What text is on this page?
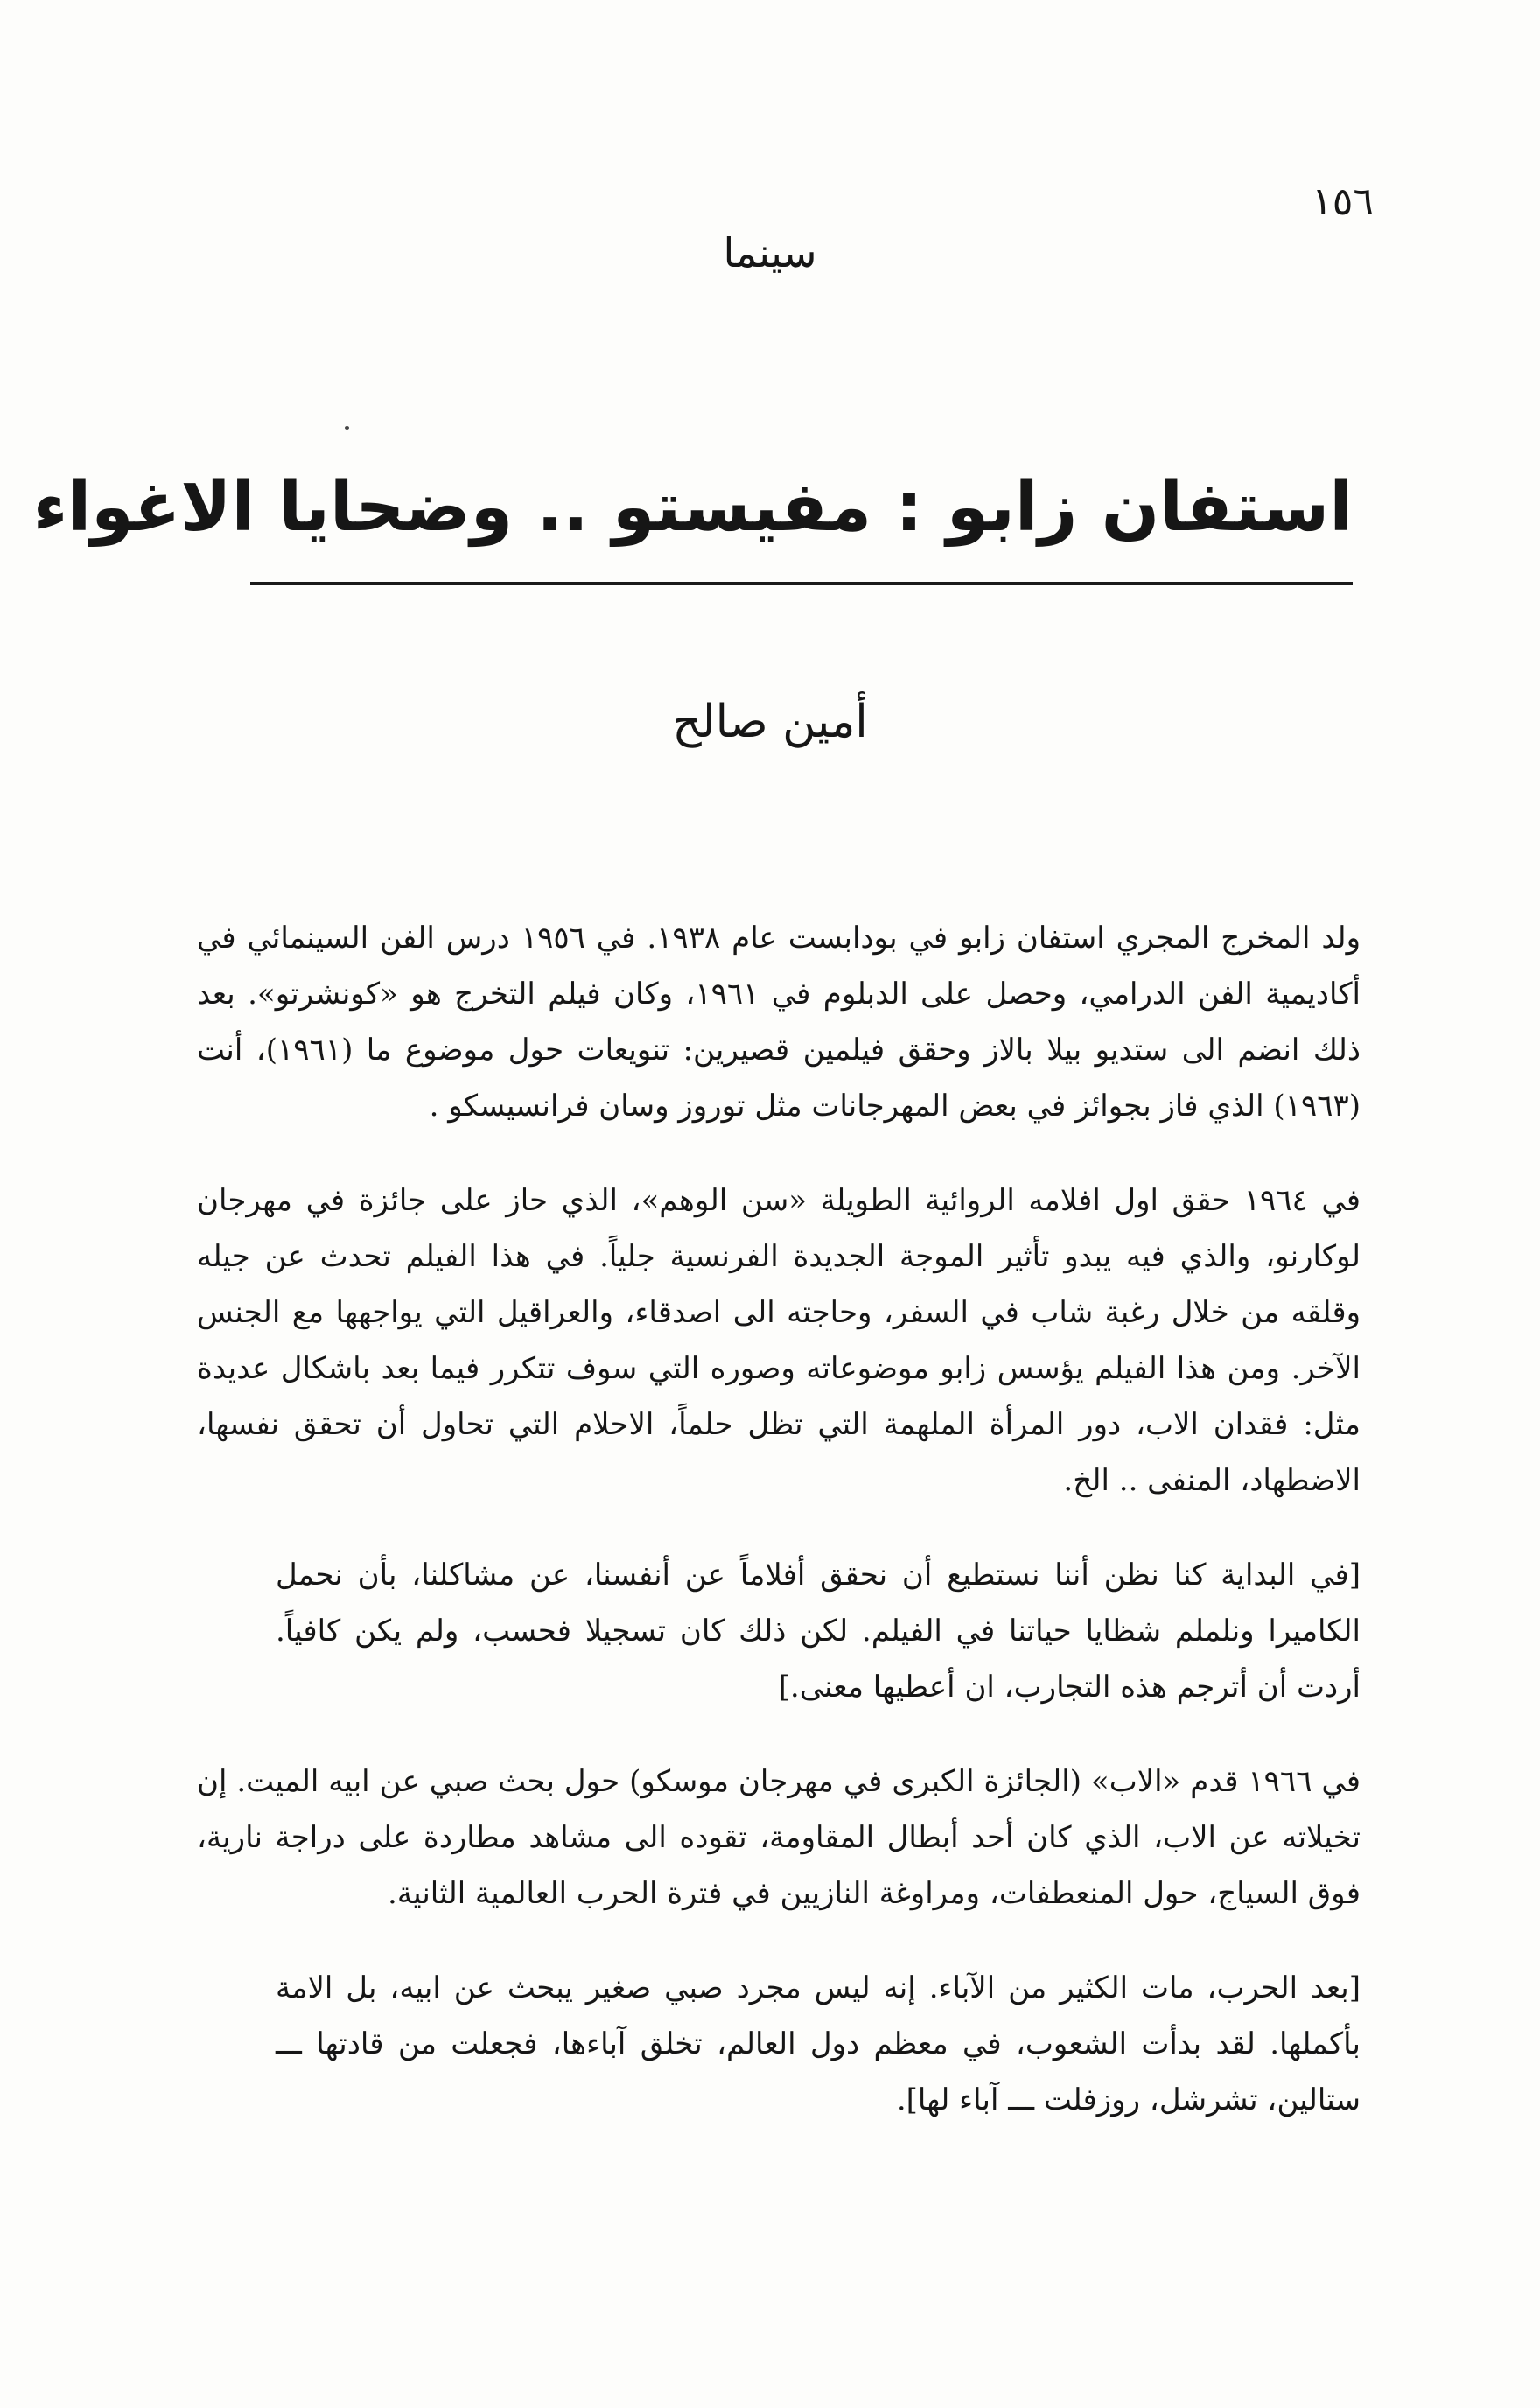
١٥٦
سينما
استفان زابو : مفيستو .. وضحايا الاغواء
أمين صالح

ولد المخرج المجري استفان زابو في بودابست عام ١٩٣٨. في ١٩٥٦ درس الفن السينمائي في أكاديمية الفن الدرامي، وحصل على الدبلوم في ١٩٦١، وكان فيلم التخرج هو «كونشرتو». بعد ذلك انضم الى ستديو بيلا بالاز وحقق فيلمين قصيرين: تنويعات حول موضوع ما (١٩٦١)، أنت (١٩٦٣) الذي فاز بجوائز في بعض المهرجانات مثل توروز وسان فرانسيسكو .

في ١٩٦٤ حقق اول افلامه الروائية الطويلة «سن الوهم»، الذي حاز على جائزة في مهرجان لوكارنو، والذي فيه يبدو تأثير الموجة الجديدة الفرنسية جلياً. في هذا الفيلم تحدث عن جيله وقلقه من خلال رغبة شاب في السفر، وحاجته الى اصدقاء، والعراقيل التي يواجهها مع الجنس الآخر. ومن هذا الفيلم يؤسس زابو موضوعاته وصوره التي سوف تتكرر فيما بعد باشكال عديدة مثل: فقدان الاب، دور المرأة الملهمة التي تظل حلماً، الاحلام التي تحاول أن تحقق نفسها، الاضطهاد، المنفى .. الخ.

[في البداية كنا نظن أننا نستطيع أن نحقق أفلاماً عن أنفسنا، عن مشاكلنا، بأن نحمل الكاميرا ونلملم شظايا حياتنا في الفيلم. لكن ذلك كان تسجيلا فحسب، ولم يكن كافياً. أردت أن أترجم هذه التجارب، ان أعطيها معنى.]

في ١٩٦٦ قدم «الاب» (الجائزة الكبرى في مهرجان موسكو) حول بحث صبي عن ابيه الميت. إن تخيلاته عن الاب، الذي كان أحد أبطال المقاومة، تقوده الى مشاهد مطاردة على دراجة نارية، فوق السياج، حول المنعطفات، ومراوغة النازيين في فترة الحرب العالمية الثانية.

[بعد الحرب، مات الكثير من الآباء. إنه ليس مجرد صبي صغير يبحث عن ابيه، بل الامة بأكملها. لقد بدأت الشعوب، في معظم دول العالم، تخلق آباءها، فجعلت من قادتها ـــ ستالين، تشرشل، روزفلت ـــ آباء لها].
